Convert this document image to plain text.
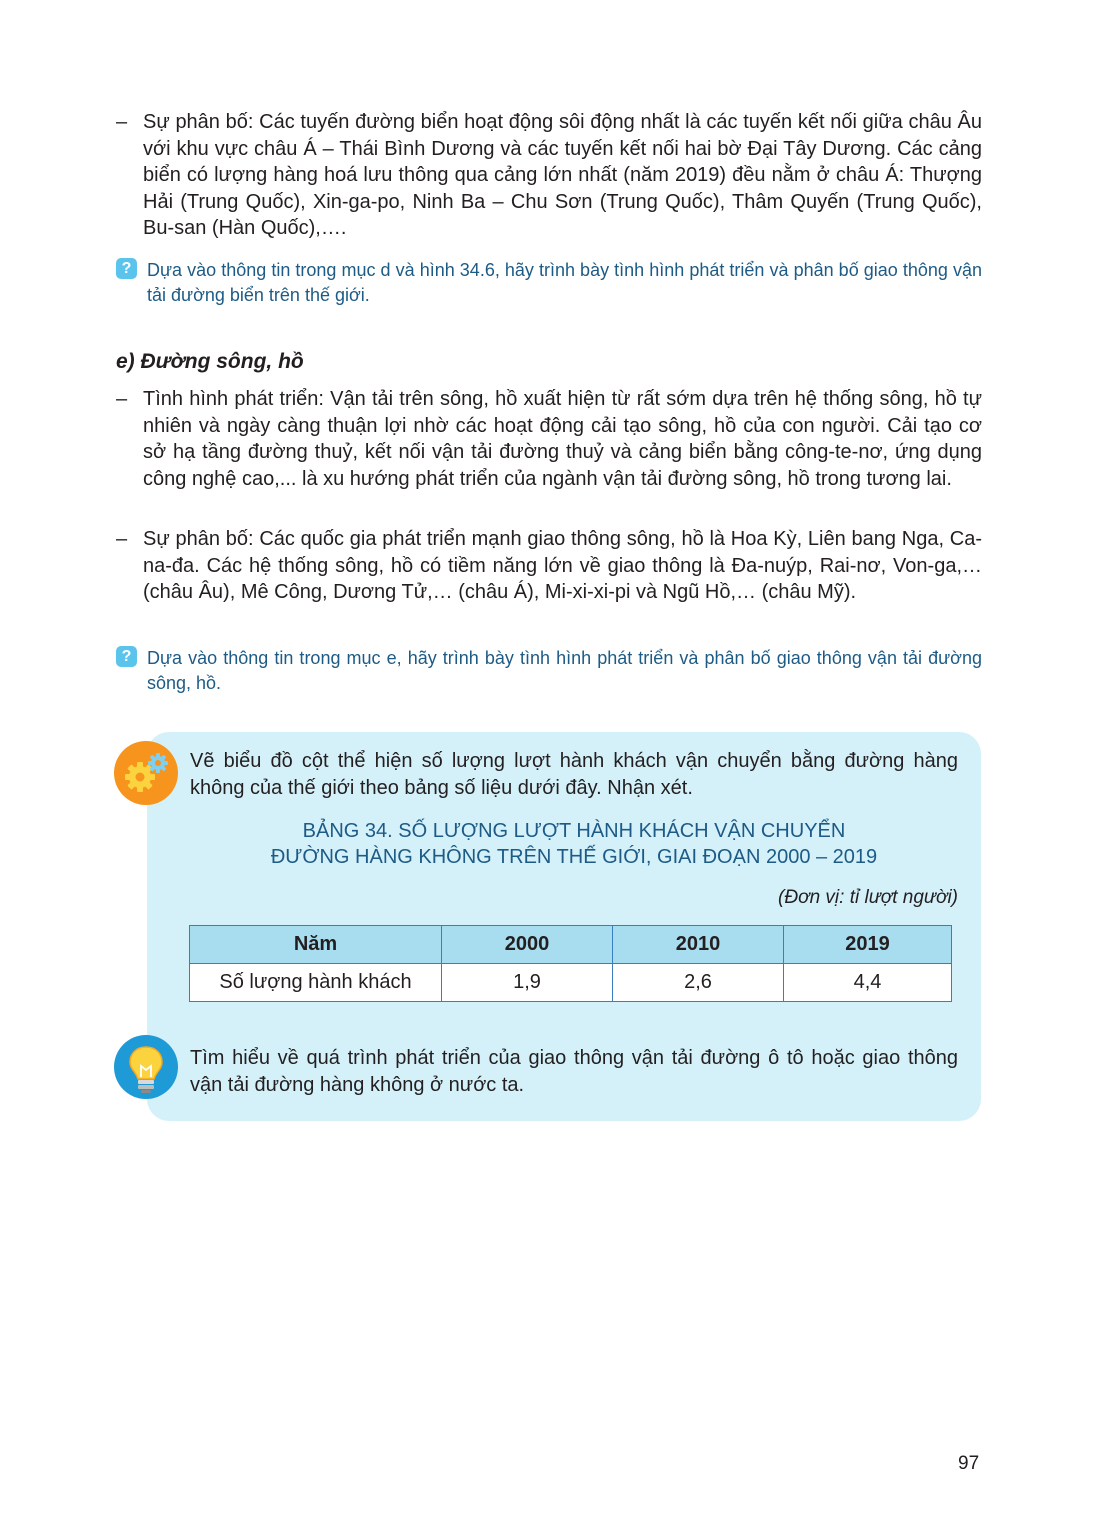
– Sự phân bố: Các tuyến đường biển hoạt động sôi động nhất là các tuyến kết nối giữa châu Âu với khu vực châu Á – Thái Bình Dương và các tuyến kết nối hai bờ Đại Tây Dương. Các cảng biển có lượng hàng hoá lưu thông qua cảng lớn nhất (năm 2019) đều nằm ở châu Á: Thượng Hải (Trung Quốc), Xin-ga-po, Ninh Ba – Chu Sơn (Trung Quốc), Thâm Quyến (Trung Quốc), Bu-san (Hàn Quốc),….
? Dựa vào thông tin trong mục d và hình 34.6, hãy trình bày tình hình phát triển và phân bố giao thông vận tải đường biển trên thế giới.
e) Đường sông, hồ
– Tình hình phát triển: Vận tải trên sông, hồ xuất hiện từ rất sớm dựa trên hệ thống sông, hồ tự nhiên và ngày càng thuận lợi nhờ các hoạt động cải tạo sông, hồ của con người. Cải tạo cơ sở hạ tầng đường thuỷ, kết nối vận tải đường thuỷ và cảng biển bằng công-te-nơ, ứng dụng công nghệ cao,... là xu hướng phát triển của ngành vận tải đường sông, hồ trong tương lai.
– Sự phân bố: Các quốc gia phát triển mạnh giao thông sông, hồ là Hoa Kỳ, Liên bang Nga, Ca-na-đa. Các hệ thống sông, hồ có tiềm năng lớn về giao thông là Đa-nuýp, Rai-nơ, Von-ga,… (châu Âu), Mê Công, Dương Tử,… (châu Á), Mi-xi-xi-pi và Ngũ Hồ,… (châu Mỹ).
? Dựa vào thông tin trong mục e, hãy trình bày tình hình phát triển và phân bố giao thông vận tải đường sông, hồ.
Vẽ biểu đồ cột thể hiện số lượng lượt hành khách vận chuyển bằng đường hàng không của thế giới theo bảng số liệu dưới đây. Nhận xét.
BẢNG 34. SỐ LƯỢNG LƯỢT HÀNH KHÁCH VẬN CHUYỂN
ĐƯỜNG HÀNG KHÔNG TRÊN THẾ GIỚI, GIAI ĐOẠN 2000 – 2019
(Đơn vị: tỉ lượt người)
Năm	2000	2010	2019
Số lượng hành khách	1,9	2,6	4,4
Tìm hiểu về quá trình phát triển của giao thông vận tải đường ô tô hoặc giao thông vận tải đường hàng không ở nước ta.
97
